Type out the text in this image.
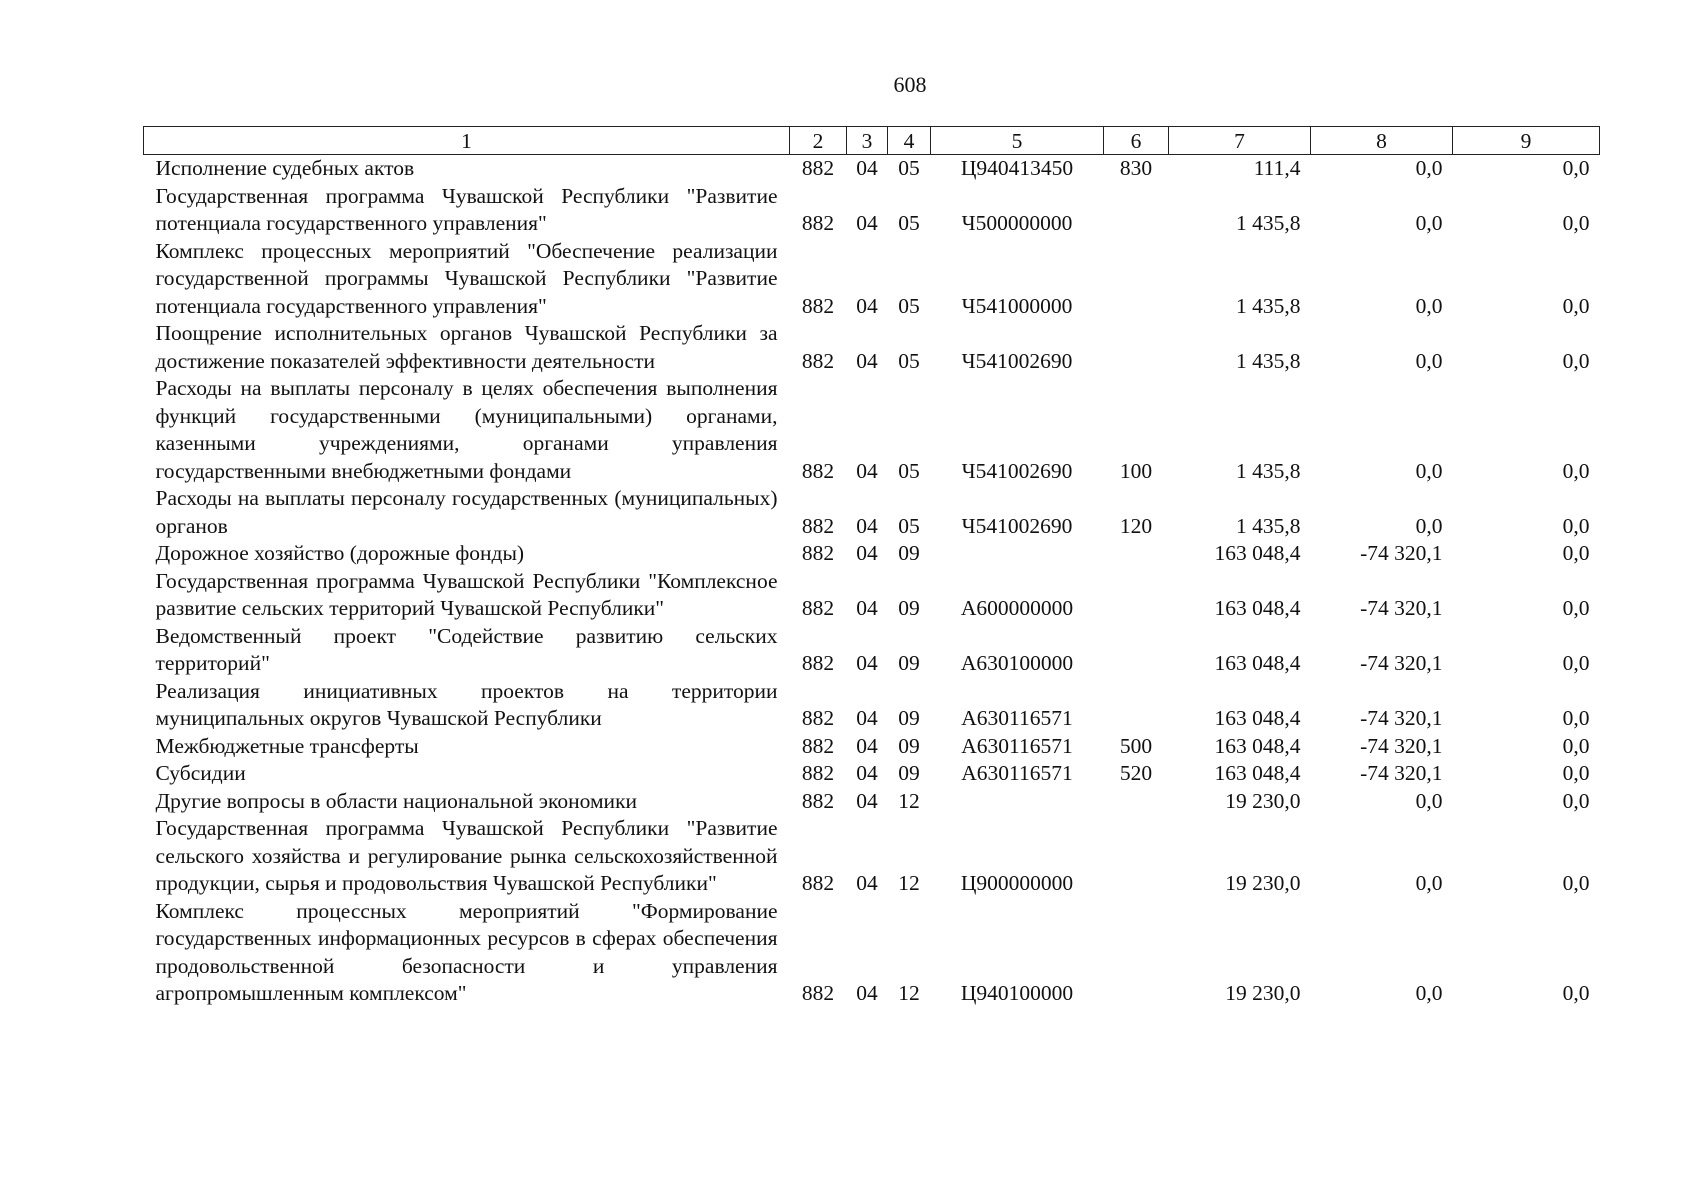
608
1	2	3	4	5	6	7	8	9
Исполнение судебных актов	882	04	05	Ц940413450	830	111,4	0,0	0,0
Государственная программа Чувашской Республики "Развитие потенциала государственного управления"	882	04	05	Ч500000000		1 435,8	0,0	0,0
Комплекс процессных мероприятий "Обеспечение реализации государственной программы Чувашской Республики "Развитие потенциала государственного управления"	882	04	05	Ч541000000		1 435,8	0,0	0,0
Поощрение исполнительных органов Чувашской Республики за достижение показателей эффективности деятельности	882	04	05	Ч541002690		1 435,8	0,0	0,0
Расходы на выплаты персоналу в целях обеспечения выполнения функций государственными (муниципальными) органами, казенными учреждениями, органами управления государственными внебюджетными фондами	882	04	05	Ч541002690	100	1 435,8	0,0	0,0
Расходы на выплаты персоналу государственных (муниципальных) органов	882	04	05	Ч541002690	120	1 435,8	0,0	0,0
Дорожное хозяйство (дорожные фонды)	882	04	09			163 048,4	-74 320,1	0,0
Государственная программа Чувашской Республики "Комплексное развитие сельских территорий Чувашской Республики"	882	04	09	А600000000		163 048,4	-74 320,1	0,0
Ведомственный проект "Содействие развитию сельских территорий"	882	04	09	А630100000		163 048,4	-74 320,1	0,0
Реализация инициативных проектов на территории муниципальных округов Чувашской Республики	882	04	09	А630116571		163 048,4	-74 320,1	0,0
Межбюджетные трансферты	882	04	09	А630116571	500	163 048,4	-74 320,1	0,0
Субсидии	882	04	09	А630116571	520	163 048,4	-74 320,1	0,0
Другие вопросы в области национальной экономики	882	04	12			19 230,0	0,0	0,0
Государственная программа Чувашской Республики "Развитие сельского хозяйства и регулирование рынка сельскохозяйственной продукции, сырья и продовольствия Чувашской Республики"	882	04	12	Ц900000000		19 230,0	0,0	0,0
Комплекс процессных мероприятий "Формирование государственных информационных ресурсов в сферах обеспечения продовольственной безопасности и управления агропромышленным комплексом"	882	04	12	Ц940100000		19 230,0	0,0	0,0
